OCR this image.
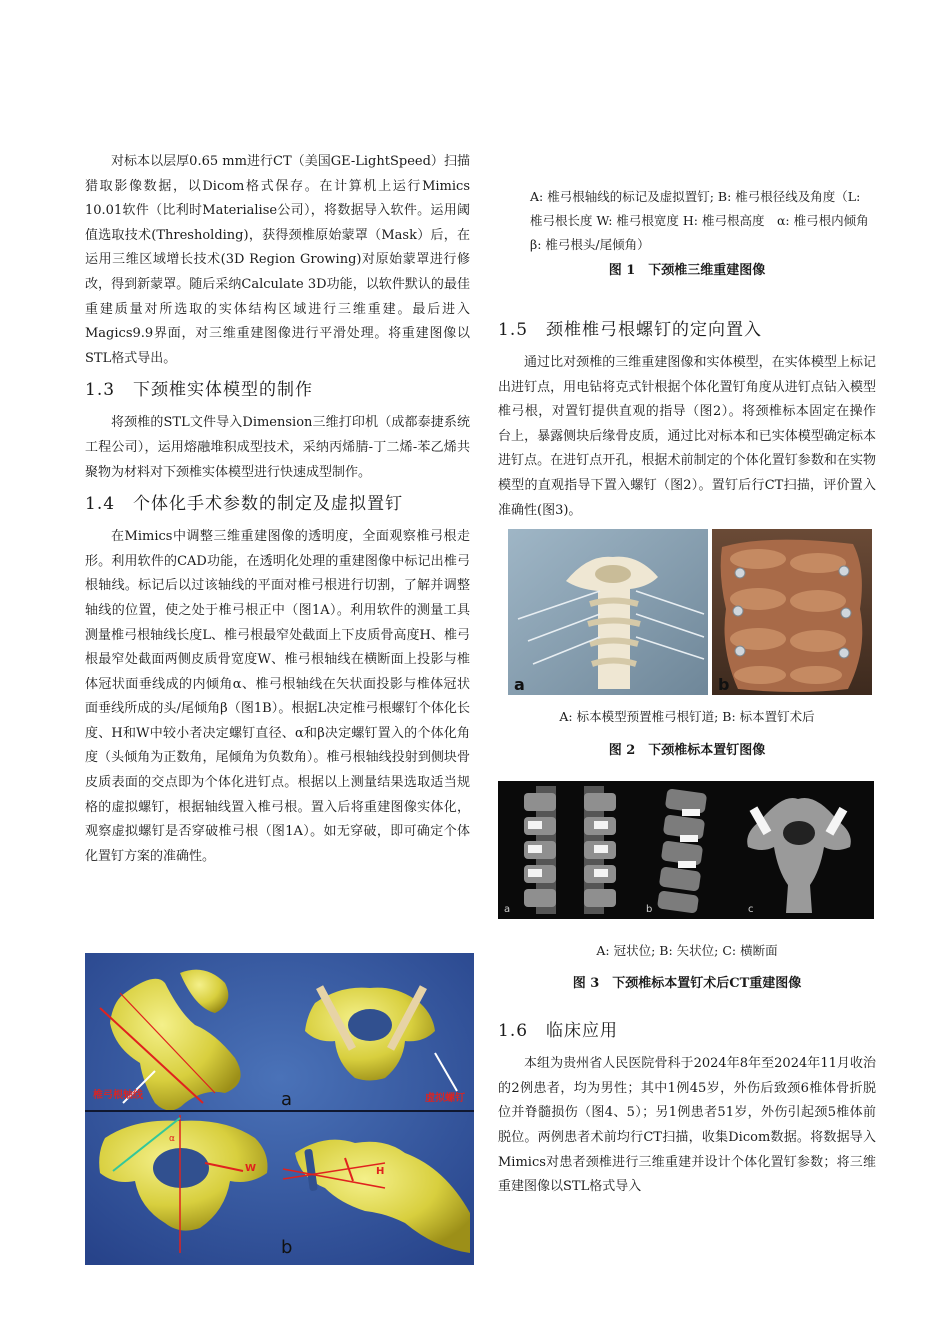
对标本以层厚0.65 mm进行CT（美国GE-LightSpeed）扫描猎取影像数据，以Dicom格式保存。在计算机上运行Mimics 10.01软件（比利时Materialise公司），将数据导入软件。运用阈值选取技术(Thresholding)，获得颈椎原始蒙罩（Mask）后，在运用三维区域增长技术(3D Region Growing)对原始蒙罩进行修改，得到新蒙罩。随后采纳Calculate 3D功能，以软件默认的最佳重建质量对所选取的实体结构区域进行三维重建。最后进入Magics9.9界面，对三维重建图像进行平滑处理。将重建图像以STL格式导出。

1.3　下颈椎实体模型的制作

将颈椎的STL文件导入Dimension三维打印机（成都泰捷系统工程公司），运用熔融堆积成型技术，采纳丙烯腈-丁二烯-苯乙烯共聚物为材料对下颈椎实体模型进行快速成型制作。

1.4　个体化手术参数的制定及虚拟置钉

在Mimics中调整三维重建图像的透明度，全面观察椎弓根走形。利用软件的CAD功能，在透明化处理的重建图像中标记出椎弓根轴线。标记后以过该轴线的平面对椎弓根进行切割，了解并调整轴线的位置，使之处于椎弓根正中（图1A）。利用软件的测量工具测量椎弓根轴线长度L、椎弓根最窄处截面上下皮质骨高度H、椎弓根最窄处截面两侧皮质骨宽度W、椎弓根轴线在横断面上投影与椎体冠状面垂线成的内倾角α、椎弓根轴线在矢状面投影与椎体冠状面垂线所成的头/尾倾角β（图1B）。根据L决定椎弓根螺钉个体化长度、H和W中较小者决定螺钉直径、α和β决定螺钉置入的个体化角度（头倾角为正数角，尾倾角为负数角）。椎弓根轴线投射到侧块骨皮质表面的交点即为个体化进钉点。根据以上测量结果选取适当规格的虚拟螺钉，根据轴线置入椎弓根。置入后将重建图像实体化，观察虚拟螺钉是否穿破椎弓根（图1A）。如无穿破，即可确定个体化置钉方案的准确性。

椎弓根轴线	虚拟螺钉
a
α
W	H
b

A: 椎弓根轴线的标记及虚拟置钉; B: 椎弓根径线及角度（L: 椎弓根长度 W: 椎弓根宽度 H: 椎弓根高度　α: 椎弓根内倾角　β: 椎弓根头/尾倾角）

图 1　下颈椎三维重建图像

1.5　颈椎椎弓根螺钉的定向置入

通过比对颈椎的三维重建图像和实体模型，在实体模型上标记出进钉点，用电钻将克式针根据个体化置钉角度从进钉点钻入模型椎弓根，对置钉提供直观的指导（图2）。将颈椎标本固定在操作台上，暴露侧块后缘骨皮质，通过比对标本和已实体模型确定标本进钉点。在进钉点开孔，根据术前制定的个体化置钉参数和在实物模型的直观指导下置入螺钉（图2）。置钉后行CT扫描，评价置入准确性(图3)。

a	b

A: 标本模型预置椎弓根钉道; B: 标本置钉术后

图 2　下颈椎标本置钉图像

a	b	c

A: 冠状位; B: 矢状位; C: 横断面

图 3　下颈椎标本置钉术后CT重建图像

1.6　临床应用

本组为贵州省人民医院骨科于2024年8年至2024年11月收治的2例患者，均为男性；其中1例45岁，外伤后致颈6椎体骨折脱位并脊髓损伤（图4、5）；另1例患者51岁，外伤引起颈5椎体前脱位。两例患者术前均行CT扫描，收集Dicom数据。将数据导入Mimics对患者颈椎进行三维重建并设计个体化置钉参数；将三维重建图像以STL格式导入
